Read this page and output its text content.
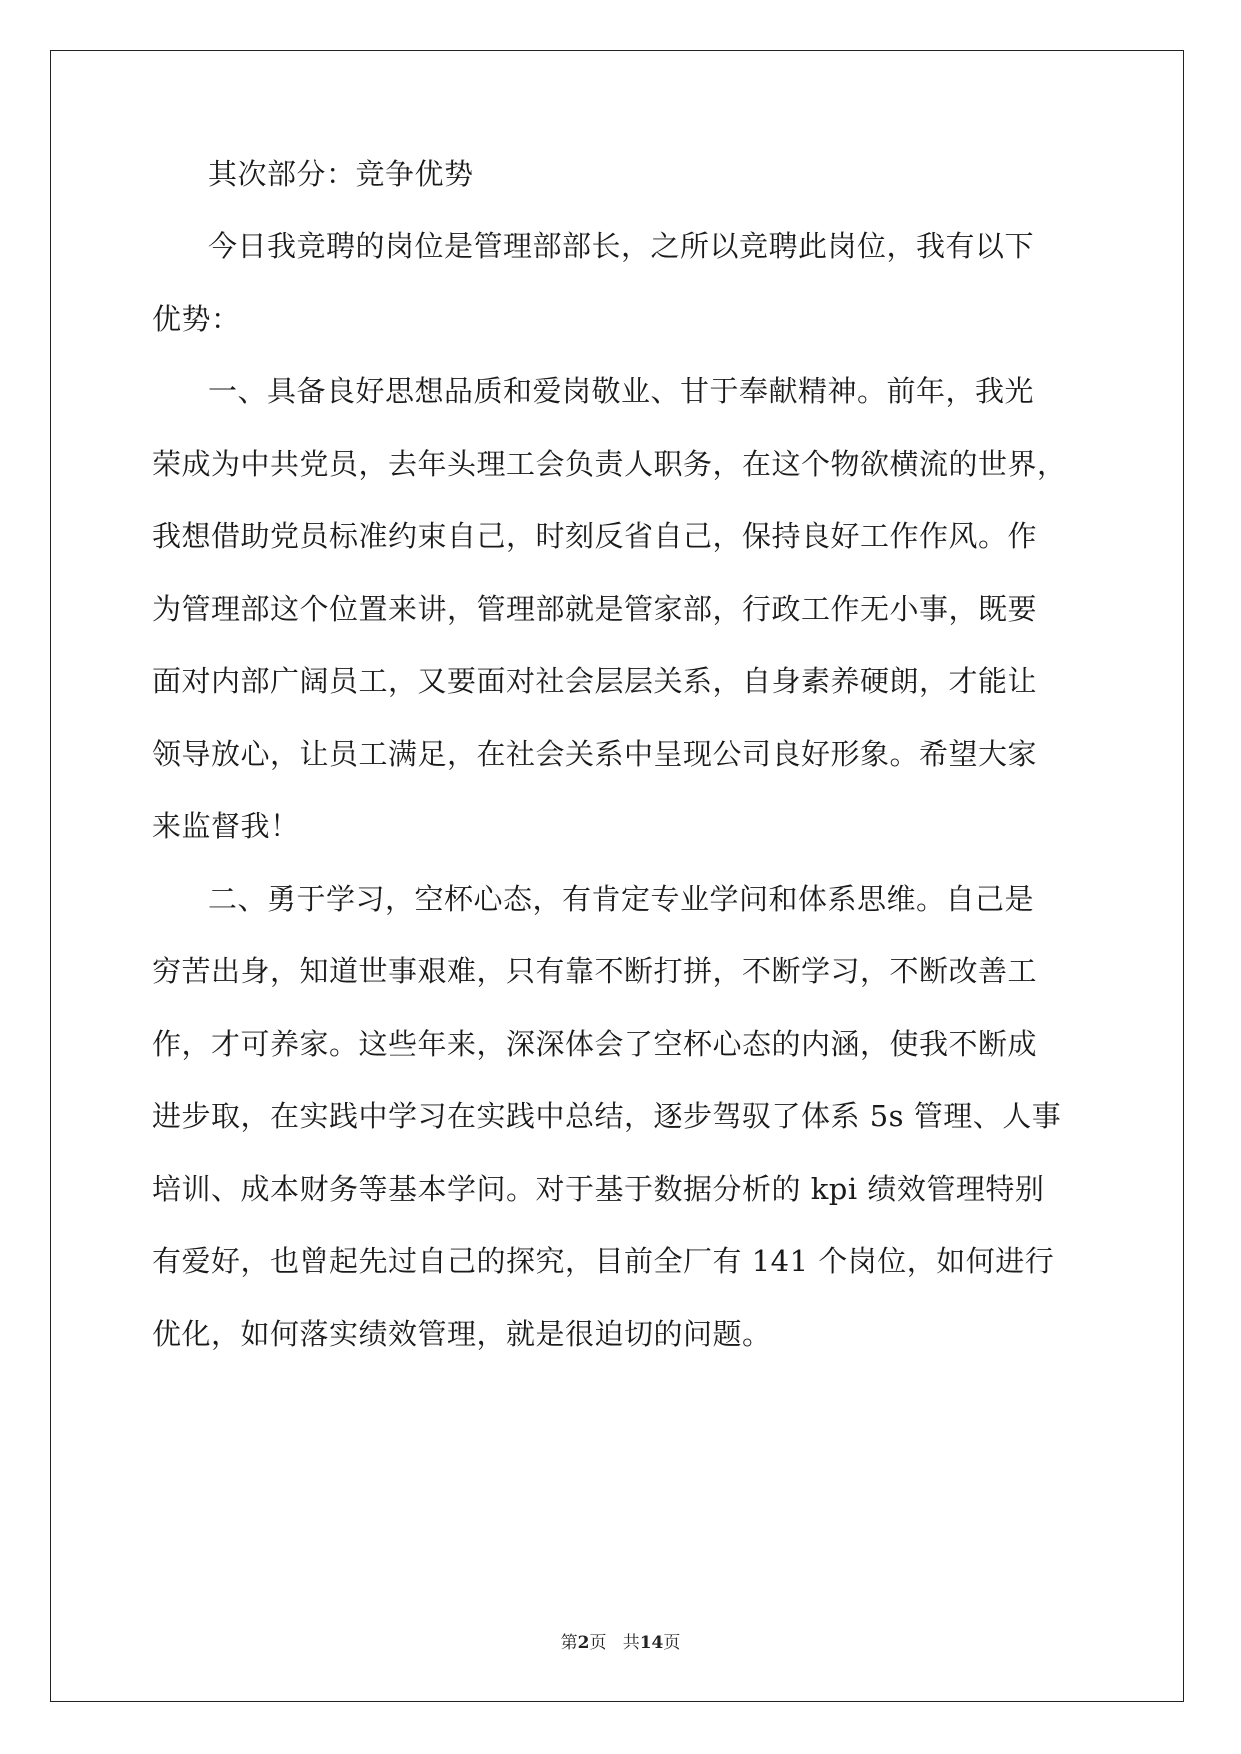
其次部分：竞争优势
今日我竞聘的岗位是管理部部长，之所以竞聘此岗位，我有以下
优势：
一、具备良好思想品质和爱岗敬业、甘于奉献精神。前年，我光
荣成为中共党员，去年头理工会负责人职务，在这个物欲横流的世界，
我想借助党员标准约束自己，时刻反省自己，保持良好工作作风。作
为管理部这个位置来讲，管理部就是管家部，行政工作无小事，既要
面对内部广阔员工，又要面对社会层层关系，自身素养硬朗，才能让
领导放心，让员工满足，在社会关系中呈现公司良好形象。希望大家
来监督我！
二、勇于学习，空杯心态，有肯定专业学问和体系思维。自己是
穷苦出身，知道世事艰难，只有靠不断打拼，不断学习，不断改善工
作，才可养家。这些年来，深深体会了空杯心态的内涵，使我不断成
进步取，在实践中学习在实践中总结，逐步驾驭了体系 5s 管理、人事
培训、成本财务等基本学问。对于基于数据分析的 kpi 绩效管理特别
有爱好，也曾起先过自己的探究，目前全厂有 141 个岗位，如何进行
优化，如何落实绩效管理，就是很迫切的问题。
第2页 共14页
